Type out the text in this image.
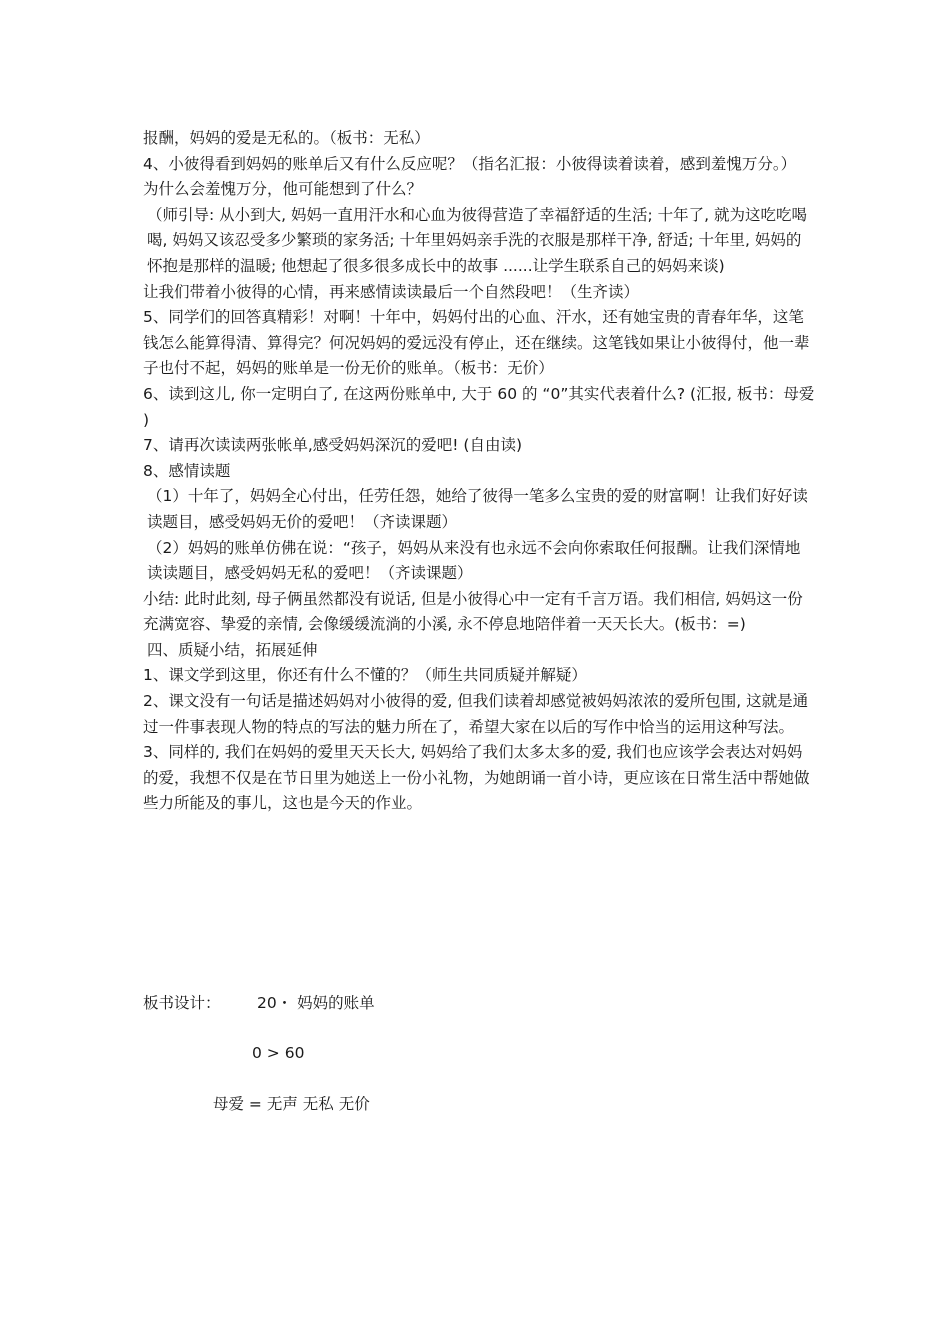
报酬，妈妈的爱是无私的。（板书：无私）

4、小彼得看到妈妈的账单后又有什么反应呢？（指名汇报：小彼得读着读着，感到羞愧万分。）

为什么会羞愧万分，他可能想到了什么？

（师引导: 从小到大, 妈妈一直用汗水和心血为彼得营造了幸福舒适的生活; 十年了, 就为这吃吃喝喝, 妈妈又该忍受多少繁琐的家务活; 十年里妈妈亲手洗的衣服是那样干净, 舒适; 十年里, 妈妈的怀抱是那样的温暖; 他想起了很多很多成长中的故事 ......让学生联系自己的妈妈来谈)

让我们带着小彼得的心情，再来感情读读最后一个自然段吧！（生齐读）

5、同学们的回答真精彩！对啊！十年中，妈妈付出的心血、汗水，还有她宝贵的青春年华，这笔钱怎么能算得清、算得完？何况妈妈的爱远没有停止，还在继续。这笔钱如果让小彼得付，他一辈子也付不起，妈妈的账单是一份无价的账单。（板书：无价）

6、读到这儿, 你一定明白了, 在这两份账单中, 大于 60 的 “0”其实代表着什么? (汇报, 板书：母爱 )

7、请再次读读两张帐单,感受妈妈深沉的爱吧! (自由读)

8、感情读题

（1）十年了，妈妈全心付出，任劳任怨，她给了彼得一笔多么宝贵的爱的财富啊！让我们好好读读题目，感受妈妈无价的爱吧！（齐读课题）

（2）妈妈的账单仿佛在说：“孩子，妈妈从来没有也永远不会向你索取任何报酬。让我们深情地读读题目，感受妈妈无私的爱吧！（齐读课题）

小结: 此时此刻, 母子俩虽然都没有说话, 但是小彼得心中一定有千言万语。我们相信, 妈妈这一份充满宽容、挚爱的亲情, 会像缓缓流淌的小溪, 永不停息地陪伴着一天天长大。(板书：=)

四、质疑小结，拓展延伸

1、课文学到这里，你还有什么不懂的？（师生共同质疑并解疑）

2、课文没有一句话是描述妈妈对小彼得的爱, 但我们读着却感觉被妈妈浓浓的爱所包围, 这就是通过一件事表现人物的特点的写法的魅力所在了，希望大家在以后的写作中恰当的运用这种写法。

3、同样的, 我们在妈妈的爱里天天长大, 妈妈给了我们太多太多的爱, 我们也应该学会表达对妈妈的爱，我想不仅是在节日里为她送上一份小礼物，为她朗诵一首小诗，更应该在日常生活中帮她做些力所能及的事儿，这也是今天的作业。

板书设计： 20・ 妈妈的账单
0 > 60
母爱 = 无声 无私 无价
